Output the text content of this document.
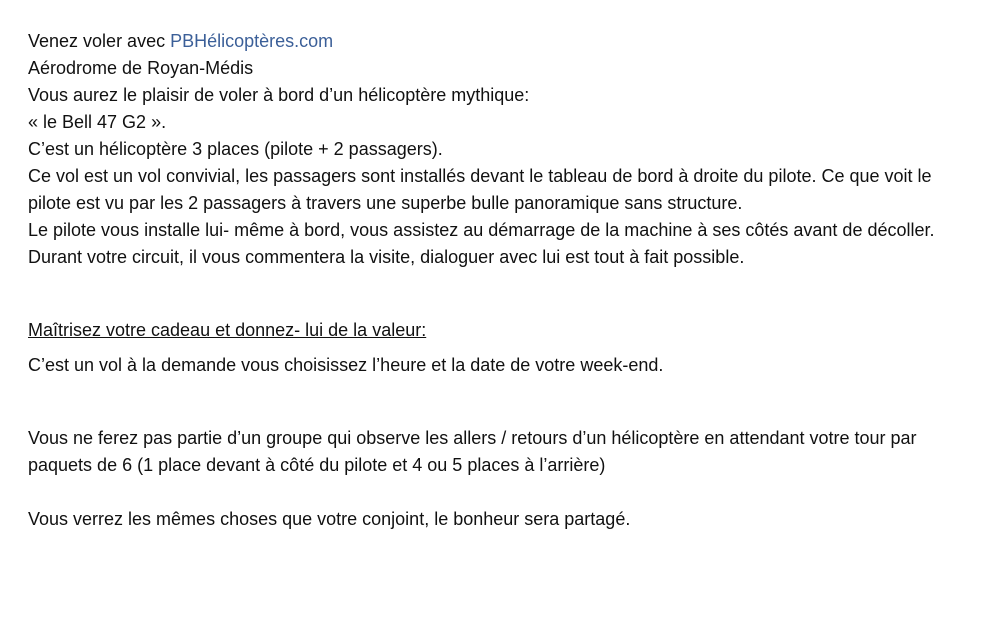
Venez voler avec PBHélicoptères.com
Aérodrome de Royan-Médis
Vous aurez le plaisir de voler à bord d’un hélicoptère mythique:
« le Bell 47 G2 ».
C’est un hélicoptère 3 places (pilote + 2 passagers).
Ce vol est un vol convivial, les passagers sont installés devant le tableau de bord à droite du pilote. Ce que voit le pilote est vu par les 2 passagers à travers une superbe bulle panoramique sans structure.
Le pilote vous installe lui- même à bord, vous assistez au démarrage de la machine à ses côtés avant de décoller. Durant votre circuit, il vous commentera la visite, dialoguer avec lui est tout à fait possible.
Maîtrisez votre cadeau et donnez- lui de la valeur:
C’est un vol à la demande vous choisissez l’heure et la date de votre week-end.
Vous ne ferez pas partie d’un groupe qui observe les allers / retours d’un hélicoptère en attendant votre tour par paquets de 6 (1 place devant à côté du pilote et 4 ou 5 places à l’arrière)
Vous verrez les mêmes choses que votre conjoint, le bonheur sera partagé.
